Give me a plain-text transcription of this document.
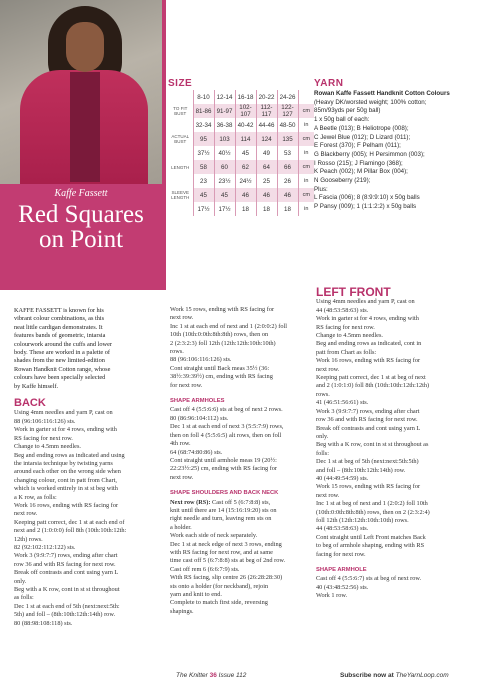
Kaffe Fassett
Red Squares
on Point
SIZE
	8-10	12-14	16-18	20-22	24-26	
TO FIT BUST	81-86	91-97	102-107	112-117	122-127	cm
	32-34	36-38	40-42	44-46	48-50	in
ACTUAL BUST	95	103	114	124	135	cm
	37½	40½	45	49	53	in
LENGTH	58	60	62	64	66	cm
	23	23½	24½	25	26	in
SLEEVE LENGTH	45	45	46	46	46	cm
	17½	17½	18	18	18	in
YARN

Rowan Kaffe Fassett Handknit Cotton Colours

(Heavy DK/worsted weight; 100% cotton;

85m/93yds per 50g ball)

1 x 50g ball of each:

A Beetle (013); B Heliotrope (008);

C Jewel Blue (012); D Lizard (011);

E Forest (370); F Pelham (011);

G Blackberry (005); H Persimmon (003);

I Rosso (215); J Flamingo (368);

K Peach (002); M Pillar Box (004);

N Gooseberry (219);

Plus:

L Fascia (006); 8 (8:9:9:10) x 50g balls

P Pansy (009); 1 (1:1:2:2) x 50g balls

KAFFE FASSETT is known for his

vibrant colour combinations, as this

neat little cardigan demonstrates. It

features bands of geometric, intarsia

colourwork around the cuffs and lower

body. These are worked in a palette of

shades from the new limited-edition

Rowan Handknit Cotton range, whose

colours have been specially selected

by Kaffe himself.

BACK

Using 4mm needles and yarn P, cast on

88 (96:106:116:126) sts.

Work in garter st for 4 rows, ending with

RS facing for next row.

Change to 4.5mm needles.

Beg and ending rows as indicated and using

the intarsia technique by twisting yarns

around each other on the wrong side when

changing colour, cont in patt from Chart,

which is worked entirely in st st beg with

a K row, as folls:

Work 16 rows, ending with RS facing for

next row.

Keeping patt correct, dec 1 st at each end of

next and 2 (1:0:0:0) foll 8th (10th:10th:12th:

12th) rows.

82 (92:102:112:122) sts.

Work 3 (9:9:7:7) rows, ending after chart

row 36 and with RS facing for next row.

Break off contrasts and cont using yarn L

only.

Beg with a K row, cont in st st throughout

as folls:

Dec 1 st at each end of 5th (next:next:5th:

5th) and foll – (8th:10th:12th:14th) row.

80 (88:98:108:118) sts.

Work 15 rows, ending with RS facing for

next row.

Inc 1 st at each end of next and 1 (2:0:0:2) foll

10th (10th:0:0th:8th:8th) rows, then on

2 (2:3:2:3) foll 12th (12th:12th:10th:10th)

rows.

88 (96:106:116:126) sts.

Cont straight until Back meas 35½ (36:

38½:39:39½) cm, ending with RS facing

for next row.

SHAPE ARMHOLES

Cast off 4 (5:5:6:6) sts at beg of next 2 rows.

80 (86:96:104:112) sts.

Dec 1 st at each end of next 3 (5:5:7:9) rows,

then on foll 4 (5:5:6:5) alt rows, then on foll

4th row.

64 (68:74:80:86) sts.

Cont straight until armhole meas 19 (20½:

22:23½:25) cm, ending with RS facing for

next row.

SHAPE SHOULDERS AND BACK NECK

Next row (RS): Cast off 5 (6:7:8:8) sts,

knit until there are 14 (15:16:19:20) sts on

right needle and turn, leaving rem sts on

a holder.

Work each side of neck separately.

Dec 1 st at neck edge of next 3 rows, ending

with RS facing for next row, and at same

time cast off 5 (6:7:8:8) sts at beg of 2nd row.

Cast off rem 6 (6:6:7:9) sts.

With RS facing, slip centre 26 (26:28:28:30)

sts onto a holder (for neckband), rejoin

yarn and knit to end.

Complete to match first side, reversing

shapings.

LEFT FRONT

Using 4mm needles and yarn P, cast on

44 (48:53:58:63) sts.

Work in garter st for 4 rows, ending with

RS facing for next row.

Change to 4.5mm needles.

Beg and ending rows as indicated, cont in

patt from Chart as folls:

Work 16 rows, ending with RS facing for

next row.

Keeping patt correct, dec 1 st at beg of next

and 2 (1:0:1:0) foll 8th (10th:10th:12th:12th)

rows.

41 (46:51:56:61) sts.

Work 3 (9:9:7:7) rows, ending after chart

row 36 and with RS facing for next row.

Break off contrasts and cont using yarn L

only.

Beg with a K row, cont in st st throughout as

folls:

Dec 1 st at beg of 5th (next:next:5th:5th)

and foll – (8th:10th:12th:14th) row.

40 (44:49:54:59) sts.

Work 15 rows, ending with RS facing for

next row.

Inc 1 st at beg of next and 1 (2:0:2) foll 10th

(10th:0:0th:8th:8th) rows, then on 2 (2:3:2:4)

foll 12th (12th:12th:10th:10th) rows.

44 (48:53:58:63) sts.

Cont straight until Left Front matches Back

to beg of armhole shaping, ending with RS

facing for next row.

SHAPE ARMHOLE

Cast off 4 (5:5:6:7) sts at beg of next row.

40 (43:48:52:56) sts.

Work 1 row.

The Knitter 36 Issue 112	Subscribe now at TheYarnLoop.com
